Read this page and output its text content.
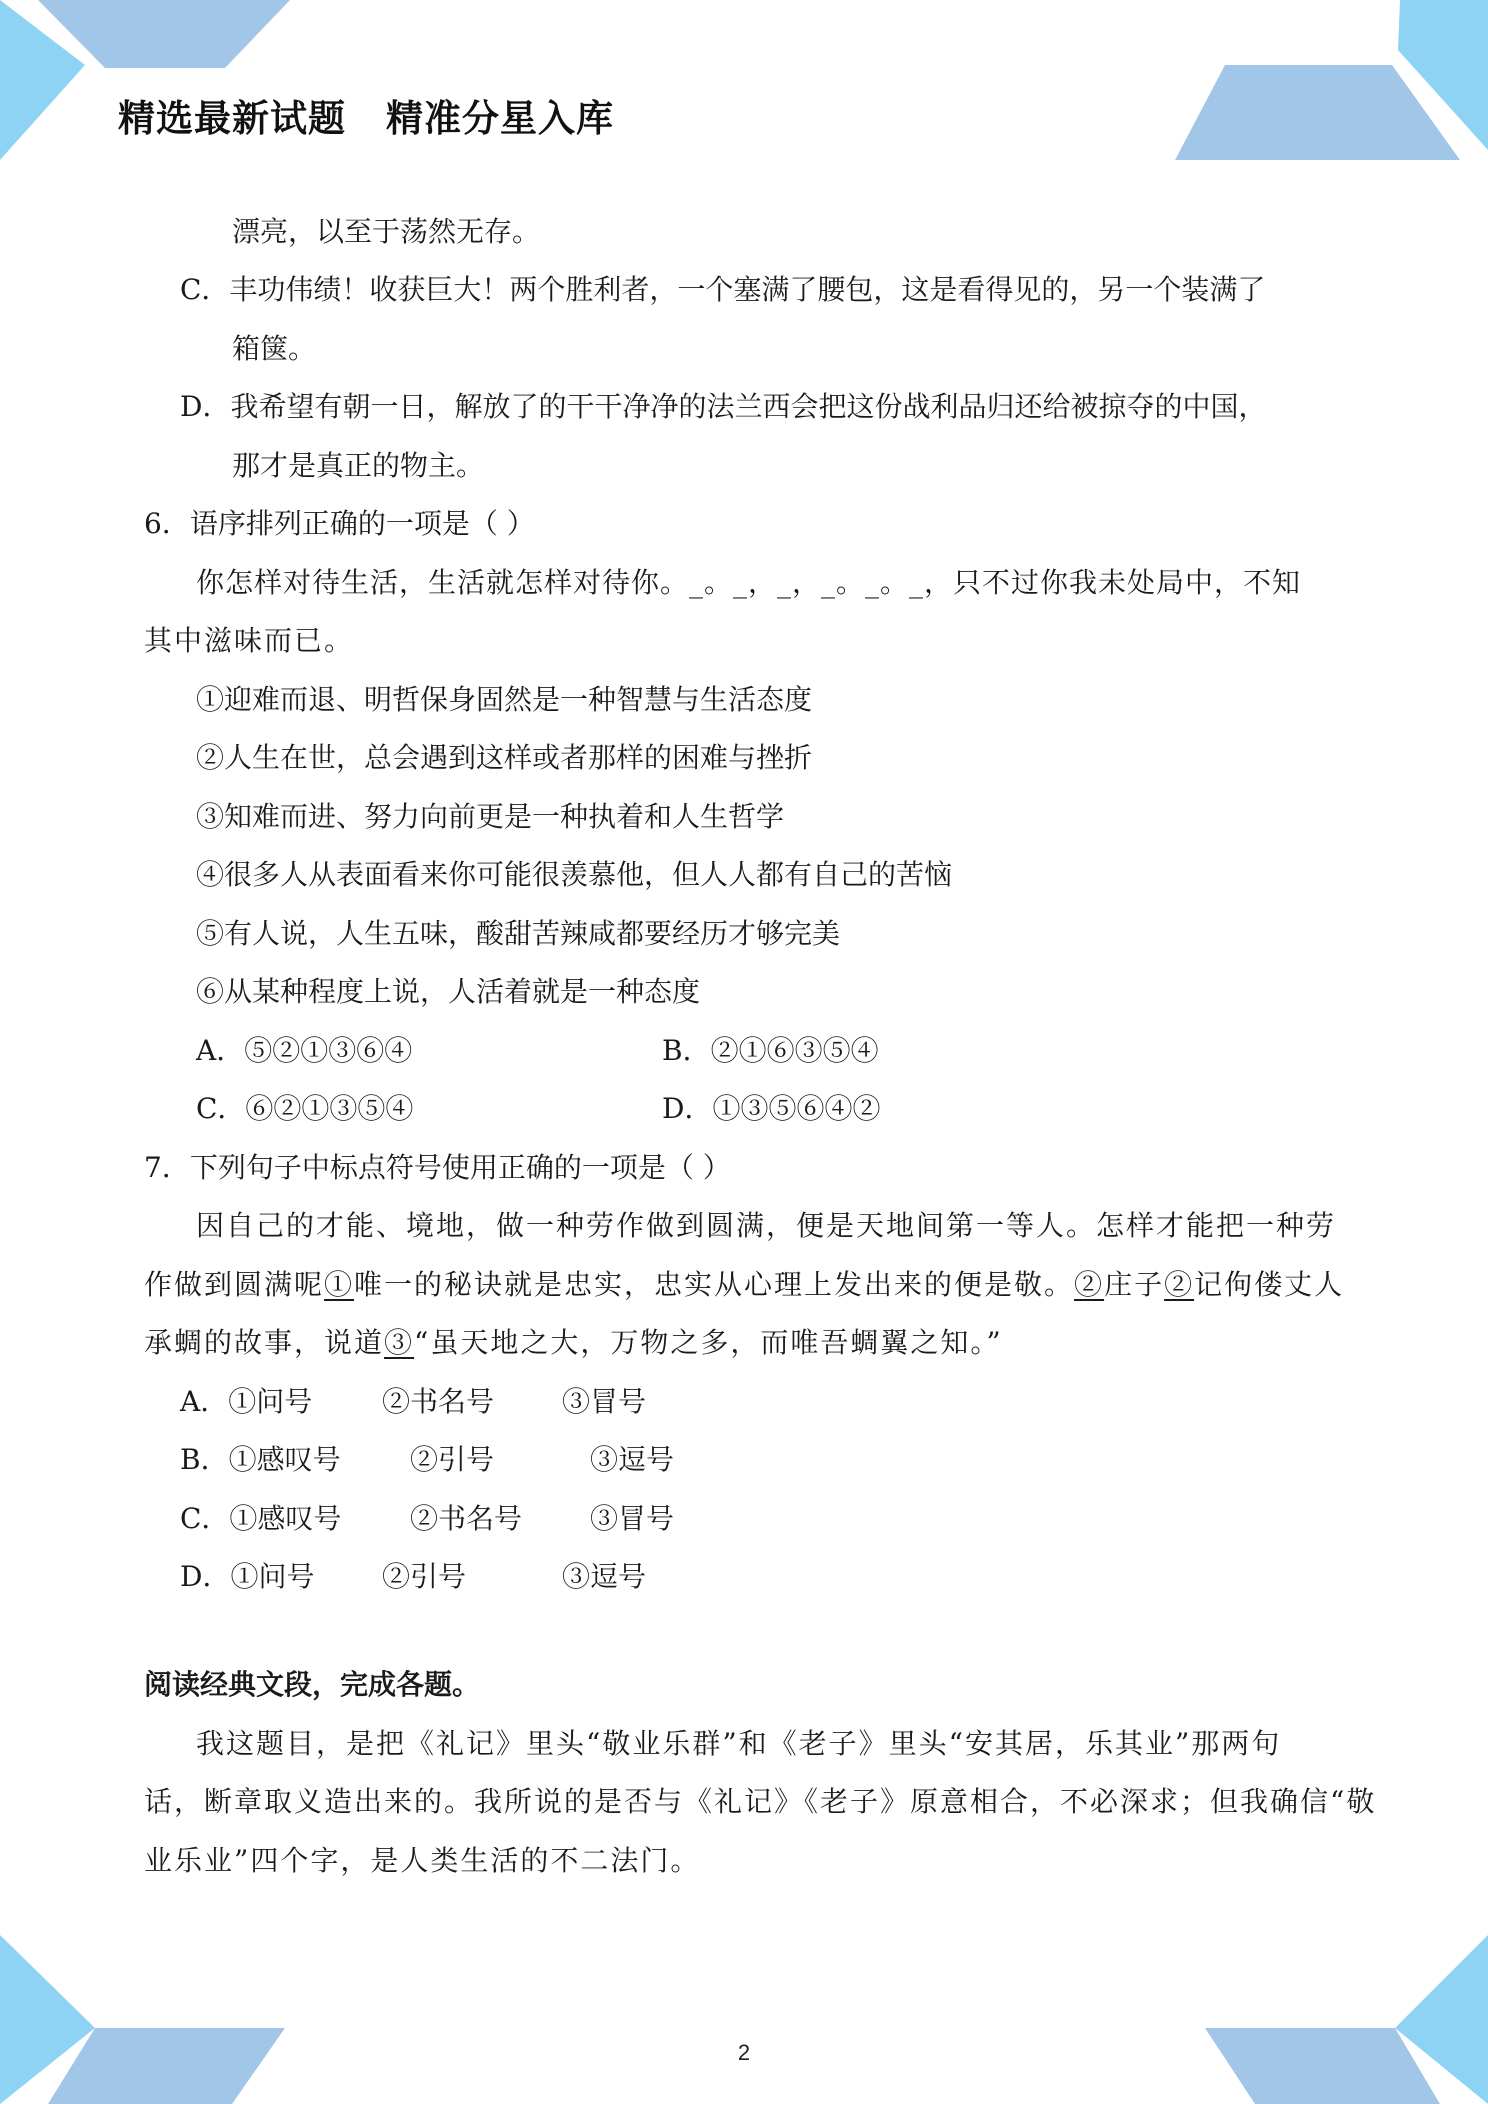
精选最新试题 精准分星入库
漂亮，以至于荡然无存。
C．丰功伟绩！收获巨大！两个胜利者，一个塞满了腰包，这是看得见的，另一个装满了
箱箧。
D．我希望有朝一日，解放了的干干净净的法兰西会把这份战利品归还给被掠夺的中国，
那才是真正的物主。
6．语序排列正确的一项是（ ）
你怎样对待生活，生活就怎样对待你。_。_，_，_。_。_，只不过你我未处局中，不知
其中滋味而已。
①迎难而退、明哲保身固然是一种智慧与生活态度
②人生在世，总会遇到这样或者那样的困难与挫折
③知难而进、努力向前更是一种执着和人生哲学
④很多人从表面看来你可能很羡慕他，但人人都有自己的苦恼
⑤有人说，人生五味，酸甜苦辣咸都要经历才够完美
⑥从某种程度上说，人活着就是一种态度
A．⑤②①③⑥④	B．②①⑥③⑤④
C．⑥②①③⑤④	D．①③⑤⑥④②
7．下列句子中标点符号使用正确的一项是（ ）
因自己的才能、境地，做一种劳作做到圆满，便是天地间第一等人。怎样才能把一种劳
作做到圆满呢①唯一的秘诀就是忠实，忠实从心理上发出来的便是敬。②庄子②记佝偻丈人
承蜩的故事，说道③“虽天地之大，万物之多，而唯吾蜩翼之知。”
A．①问号 ②书名号 ③冒号
B．①感叹号 ②引号	③逗号
C．①感叹号 ②书名号 ③冒号
D．①问号 ②引号	③逗号
阅读经典文段，完成各题。
我这题目，是把《礼记》里头“敬业乐群”和《老子》里头“安其居，乐其业”那两句
话，断章取义造出来的。我所说的是否与《礼记》《老子》原意相合，不必深求；但我确信“敬
业乐业”四个字，是人类生活的不二法门。
2
